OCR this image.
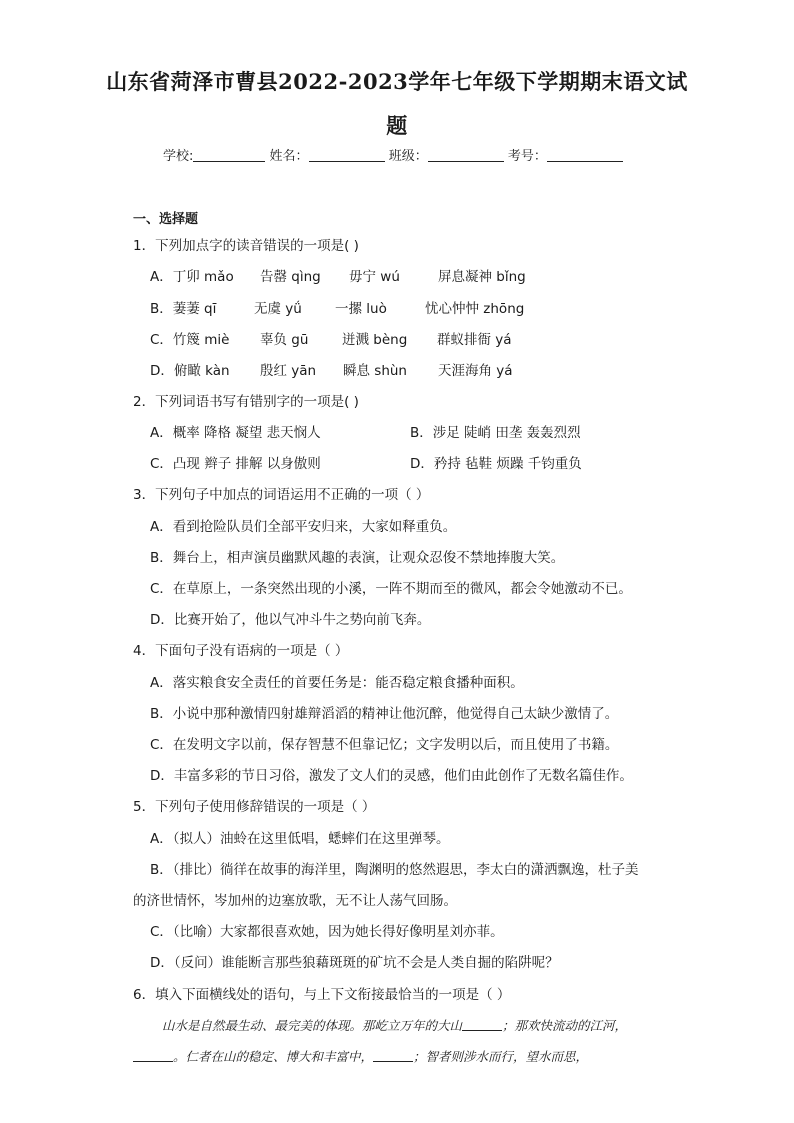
山东省菏泽市曹县2022-2023学年七年级下学期期末语文试
题
学校:	姓名：	班级：	考号：
一、选择题
1．下列加点字的读音错误的一项是( )
A．丁卯 mǎo 告罄 qìng 毋宁 wú	屏息凝神 bǐng
B．萋萋 qī	无虞 yǘ 一摞 luò	忧心忡忡 zhōng
C．竹篾 miè 辜负 gū 迸溅 bèng 群蚁排衙 yá
D．俯瞰 kàn 殷红 yān 瞬息 shùn 天涯海角 yá
2．下列词语书写有错别字的一项是( )
A．概率 降格 凝望 悲天悯人	B．涉足 陡峭 田垄 轰轰烈烈
C．凸现 辫子 排解 以身傲则	D．矜持 毡鞋 烦躁 千钧重负
3．下列句子中加点的词语运用不正确的一项（ ）
A．看到抢险队员们全部平安归来，大家如释重负。
B．舞台上，相声演员幽默风趣的表演，让观众忍俊不禁地捧腹大笑。
C．在草原上，一条突然出现的小溪，一阵不期而至的微风，都会令她激动不已。
D．比赛开始了，他以气冲斗牛之势向前飞奔。
4．下面句子没有语病的一项是（ ）
A．落实粮食安全责任的首要任务是：能否稳定粮食播种面积。
B．小说中那种激情四射雄辩滔滔的精神让他沉醉，他觉得自己太缺少激情了。
C．在发明文字以前，保存智慧不但靠记忆；文字发明以后，而且使用了书籍。
D．丰富多彩的节日习俗，激发了文人们的灵感，他们由此创作了无数名篇佳作。
5．下列句子使用修辞错误的一项是（ ）
A．（拟人）油蛉在这里低唱，蟋蟀们在这里弹琴。
B．（排比）徜徉在故事的海洋里，陶渊明的悠然遐思，李太白的潇洒飘逸，杜子美
的济世情怀，岑加州的边塞放歌，无不让人荡气回肠。
C．（比喻）大家都很喜欢她，因为她长得好像明星刘亦菲。
D．（反问）谁能断言那些狼藉斑斑的矿坑不会是人类自掘的陷阱呢？
6．填入下面横线处的语句，与上下文衔接最恰当的一项是（ ）
山水是自然最生动、最完美的体现。那屹立万年的大山	；那欢快流动的江河，
。仁者在山的稳定、博大和丰富中，	；智者则涉水而行，望水而思，
